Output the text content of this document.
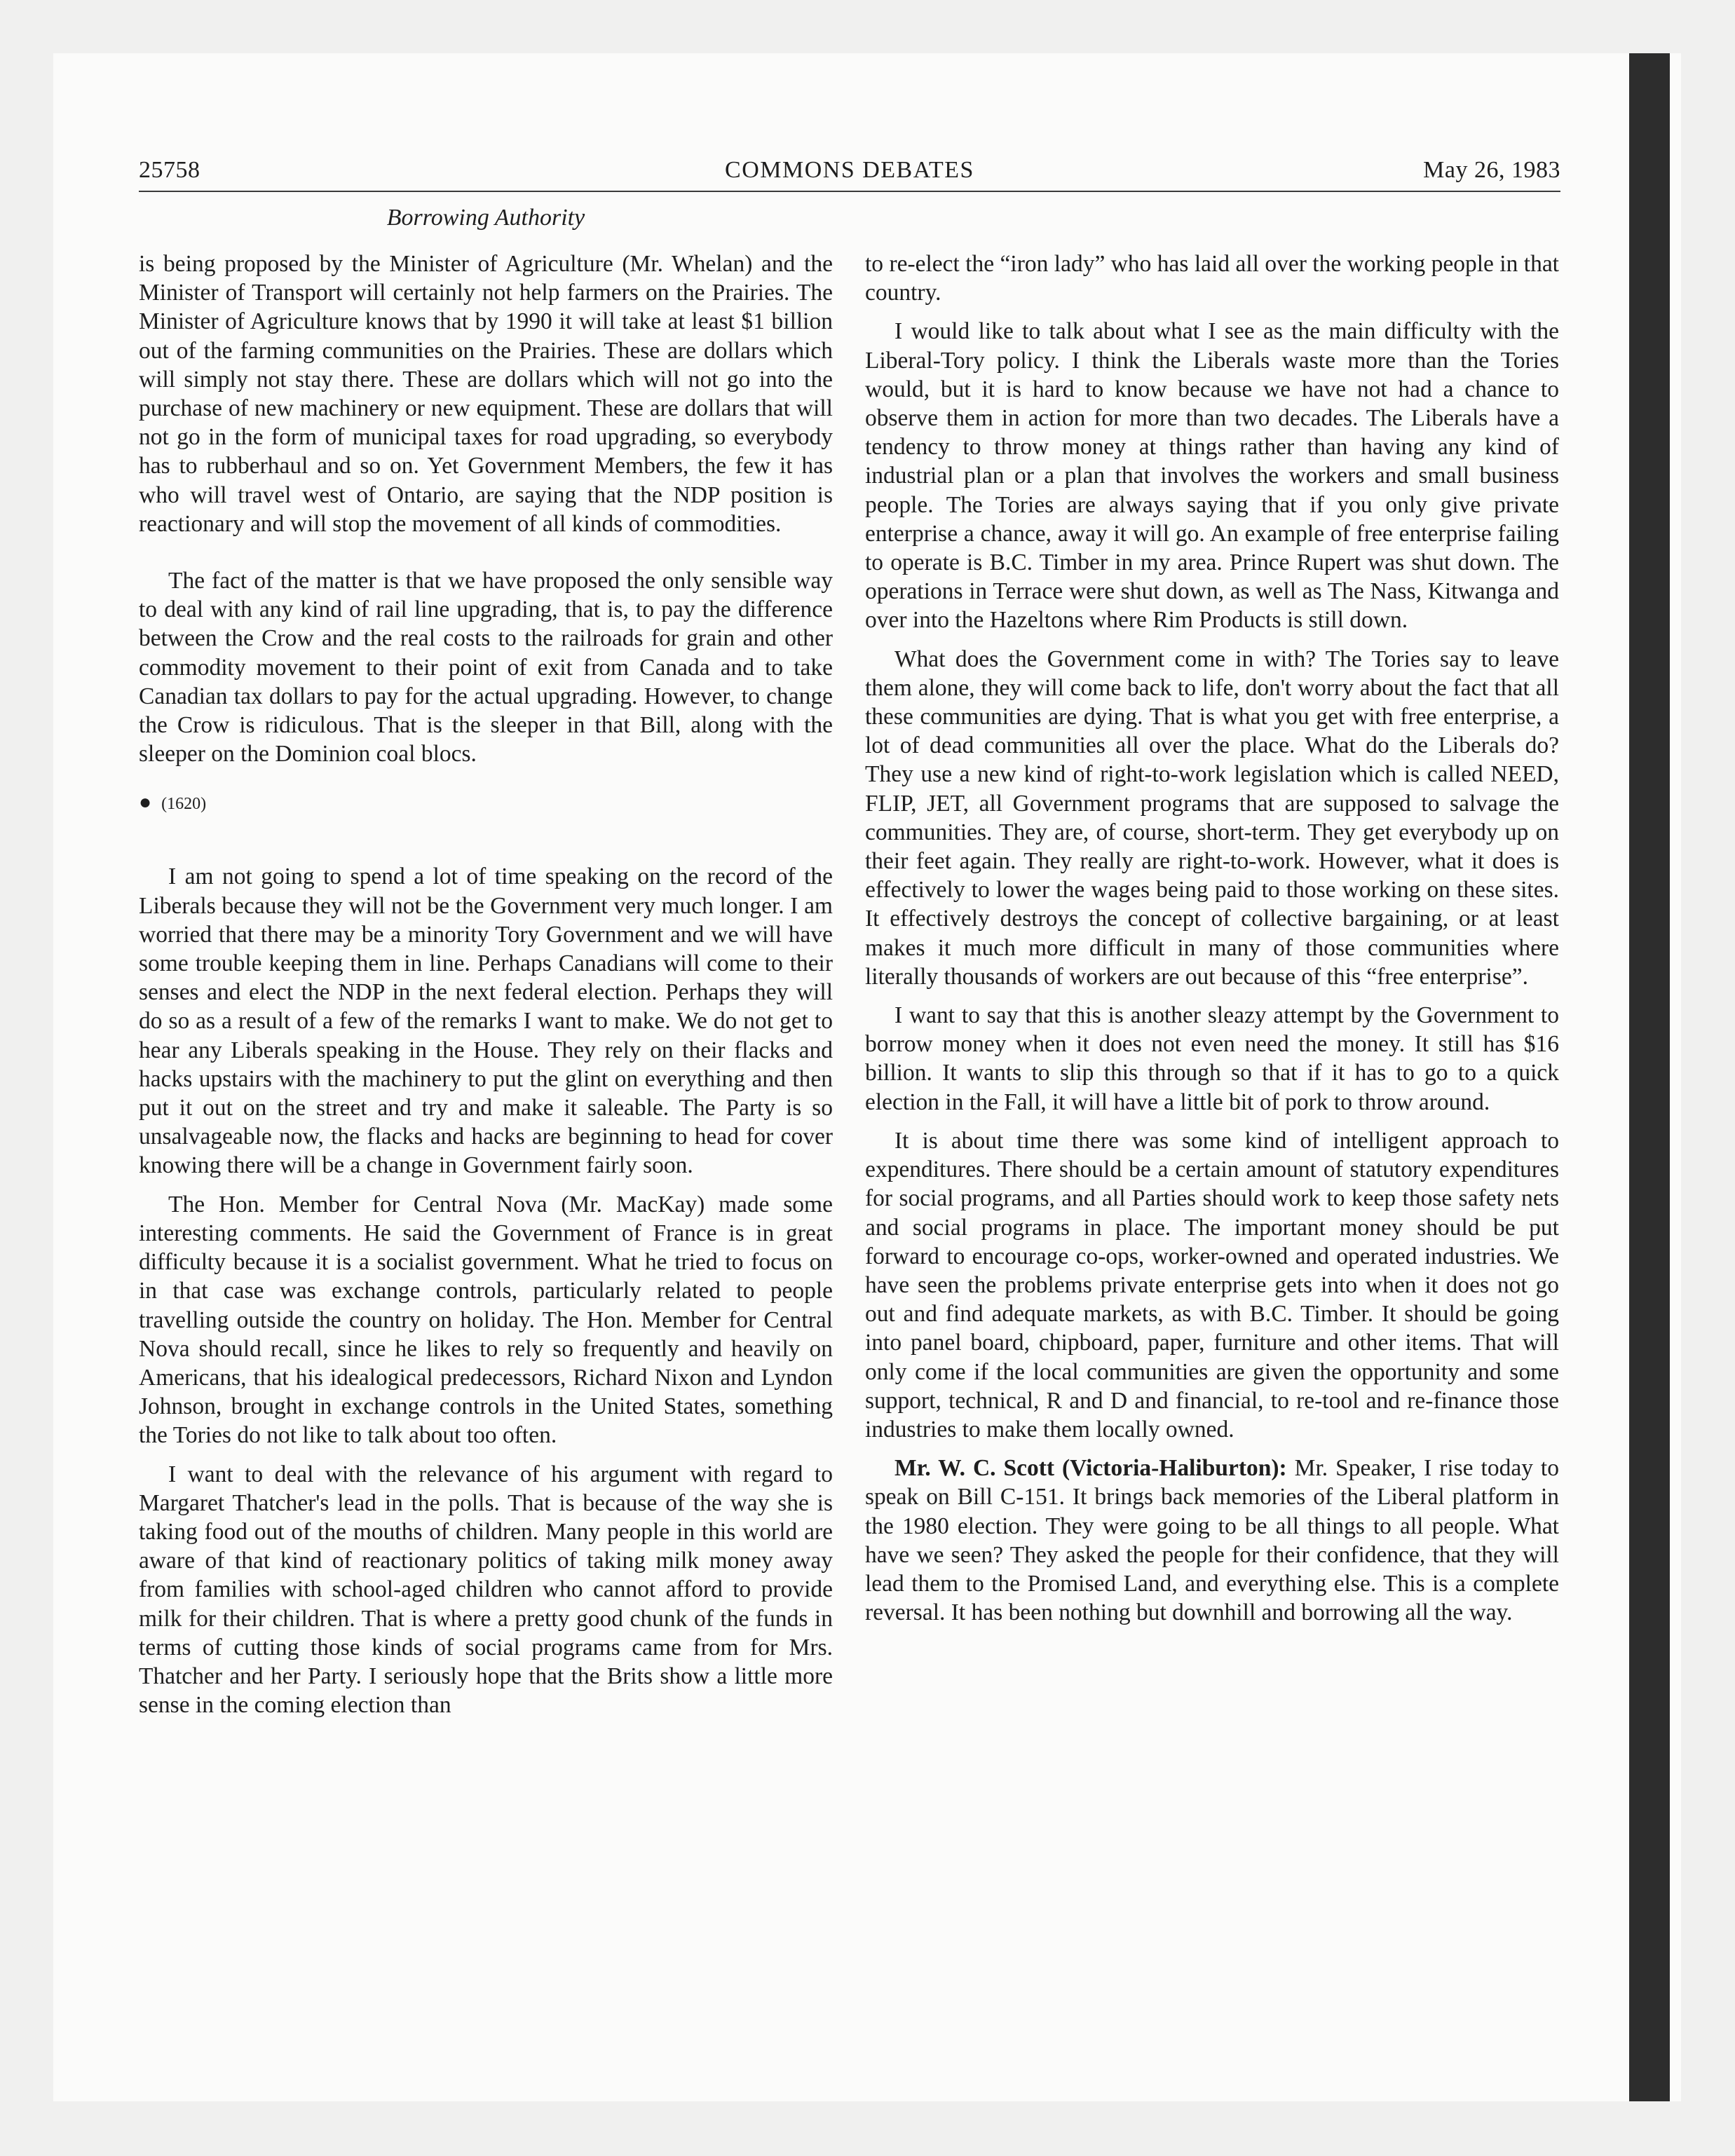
25758	COMMONS DEBATES	May 26, 1983
Borrowing Authority

is being proposed by the Minister of Agriculture (Mr. Whelan) and the Minister of Transport will certainly not help farmers on the Prairies. The Minister of Agriculture knows that by 1990 it will take at least $1 billion out of the farming communities on the Prairies. These are dollars which will simply not stay there. These are dollars which will not go into the purchase of new machinery or new equipment. These are dollars that will not go in the form of municipal taxes for road upgrading, so everybody has to rubberhaul and so on. Yet Government Members, the few it has who will travel west of Ontario, are saying that the NDP position is reactionary and will stop the movement of all kinds of commodities.

The fact of the matter is that we have proposed the only sensible way to deal with any kind of rail line upgrading, that is, to pay the difference between the Crow and the real costs to the railroads for grain and other commodity movement to their point of exit from Canada and to take Canadian tax dollars to pay for the actual upgrading. However, to change the Crow is ridiculous. That is the sleeper in that Bill, along with the sleeper on the Dominion coal blocs.

● (1620)

I am not going to spend a lot of time speaking on the record of the Liberals because they will not be the Government very much longer. I am worried that there may be a minority Tory Government and we will have some trouble keeping them in line. Perhaps Canadians will come to their senses and elect the NDP in the next federal election. Perhaps they will do so as a result of a few of the remarks I want to make. We do not get to hear any Liberals speaking in the House. They rely on their flacks and hacks upstairs with the machinery to put the glint on everything and then put it out on the street and try and make it saleable. The Party is so unsalvageable now, the flacks and hacks are beginning to head for cover knowing there will be a change in Government fairly soon.

The Hon. Member for Central Nova (Mr. MacKay) made some interesting comments. He said the Government of France is in great difficulty because it is a socialist government. What he tried to focus on in that case was exchange controls, particularly related to people travelling outside the country on holiday. The Hon. Member for Central Nova should recall, since he likes to rely so frequently and heavily on Americans, that his idealogical predecessors, Richard Nixon and Lyndon Johnson, brought in exchange controls in the United States, something the Tories do not like to talk about too often.

I want to deal with the relevance of his argument with regard to Margaret Thatcher's lead in the polls. That is because of the way she is taking food out of the mouths of children. Many people in this world are aware of that kind of reactionary politics of taking milk money away from families with school-aged children who cannot afford to provide milk for their children. That is where a pretty good chunk of the funds in terms of cutting those kinds of social programs came from for Mrs. Thatcher and her Party. I seriously hope that the Brits show a little more sense in the coming election than

to re-elect the “iron lady” who has laid all over the working people in that country.

I would like to talk about what I see as the main difficulty with the Liberal-Tory policy. I think the Liberals waste more than the Tories would, but it is hard to know because we have not had a chance to observe them in action for more than two decades. The Liberals have a tendency to throw money at things rather than having any kind of industrial plan or a plan that involves the workers and small business people. The Tories are always saying that if you only give private enterprise a chance, away it will go. An example of free enterprise failing to operate is B.C. Timber in my area. Prince Rupert was shut down. The operations in Terrace were shut down, as well as The Nass, Kitwanga and over into the Hazeltons where Rim Products is still down.

What does the Government come in with? The Tories say to leave them alone, they will come back to life, don't worry about the fact that all these communities are dying. That is what you get with free enterprise, a lot of dead communities all over the place. What do the Liberals do? They use a new kind of right-to-work legislation which is called NEED, FLIP, JET, all Government programs that are supposed to salvage the communities. They are, of course, short-term. They get everybody up on their feet again. They really are right-to-work. However, what it does is effectively to lower the wages being paid to those working on these sites. It effectively destroys the concept of collective bargaining, or at least makes it much more difficult in many of those communities where literally thousands of workers are out because of this “free enterprise”.

I want to say that this is another sleazy attempt by the Government to borrow money when it does not even need the money. It still has $16 billion. It wants to slip this through so that if it has to go to a quick election in the Fall, it will have a little bit of pork to throw around.

It is about time there was some kind of intelligent approach to expenditures. There should be a certain amount of statutory expenditures for social programs, and all Parties should work to keep those safety nets and social programs in place. The important money should be put forward to encourage co-ops, worker-owned and operated industries. We have seen the problems private enterprise gets into when it does not go out and find adequate markets, as with B.C. Timber. It should be going into panel board, chipboard, paper, furniture and other items. That will only come if the local communities are given the opportunity and some support, technical, R and D and financial, to re-tool and re-finance those industries to make them locally owned.

Mr. W. C. Scott (Victoria-Haliburton): Mr. Speaker, I rise today to speak on Bill C-151. It brings back memories of the Liberal platform in the 1980 election. They were going to be all things to all people. What have we seen? They asked the people for their confidence, that they will lead them to the Promised Land, and everything else. This is a complete reversal. It has been nothing but downhill and borrowing all the way.
